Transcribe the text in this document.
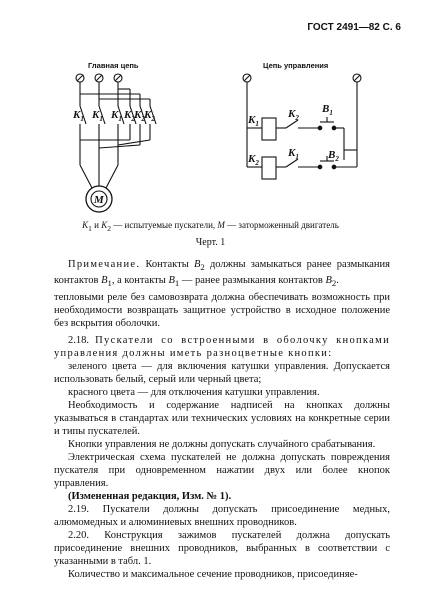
ГОСТ 2491—82 С. 6
Главная цепь	Цепь управления
$K_1$ $K_1$ $K_1$ $K_2$ $K_2$ $K_2$
M
$K_1$
$K_2$
$B_1$
$K_2$
$K_1$	$B_2$
$K_1$ и $K_2$ — испытуемые пускатели, M — заторможенный двигатель
Черт. 1

Примечание. Контакты $B_2$ должны замыкаться ранее размыкания контактов $B_1$, а контакты $B_1$ — ранее размыкания контактов $B_2$.

тепловыми реле без самовозврата должна обеспечивать возможность при необходимости возвращать защитное устройство в исходное положение без вскрытия оболочки.

2.18. Пускатели со встроенными в оболочку кнопками управления должны иметь разноцветные кнопки:

зеленого цвета — для включения катушки управления. Допускается использовать белый, серый или черный цвета;

красного цвета — для отключения катушки управления.

Необходимость и содержание надписей на кнопках должны указываться в стандартах или технических условиях на конкретные серии и типы пускателей.

Кнопки управления не должны допускать случайного срабатывания.

Электрическая схема пускателей не должна допускать повреждения пускателя при одновременном нажатии двух или более кнопок управления.

(Измененная редакция, Изм. № 1).

2.19. Пускатели должны допускать присоединение медных, алюмомедных и алюминиевых внешних проводников.

2.20. Конструкция зажимов пускателей должна допускать присоединение внешних проводников, выбранных в соответствии с указанными в табл. 1.

Количество и максимальное сечение проводников, присоединяе-
